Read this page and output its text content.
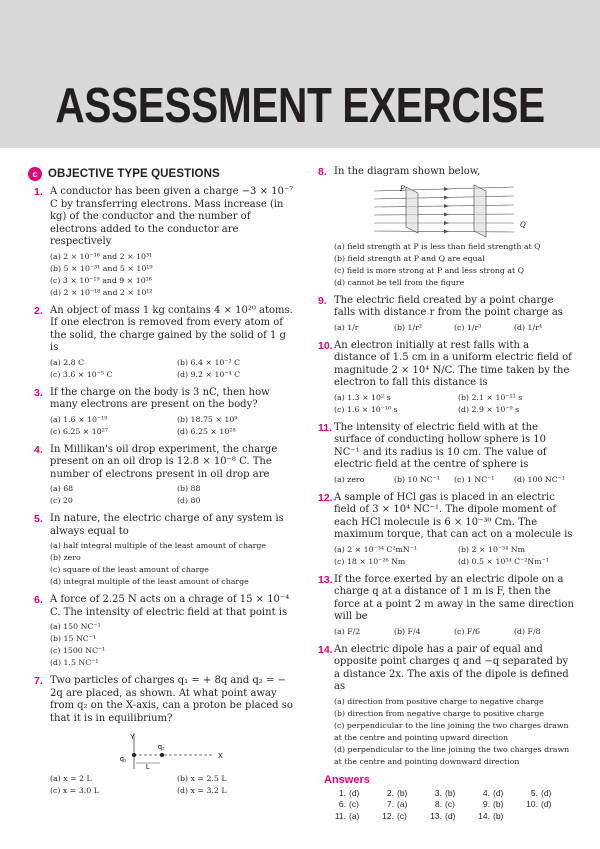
ASSESSMENT EXERCISE
c OBJECTIVE TYPE QUESTIONS
1. A conductor has been given a charge −3 × 10⁻⁷ C by transferring electrons. Mass increase (in kg) of the conductor and the number of electrons added to the conductor are respectively
(a) 2 × 10⁻¹⁶ and 2 × 10³¹
(b) 5 × 10⁻³¹ and 5 × 10¹⁹
(c) 3 × 10⁻¹⁹ and 9 × 10¹⁶
(d) 2 × 10⁻¹⁸ and 2 × 10¹²
2. An object of mass 1 kg contains 4 × 10²⁰ atoms. If one electron is removed from every atom of the solid, the charge gained by the solid of 1 g is
(a) 2.8 C	(b) 6.4 × 10⁻² C
(c) 3.6 × 10⁻⁵ C	(d) 9.2 × 10⁻⁴ C
3. If the charge on the body is 3 nC, then how many electrons are present on the body?
(a) 1.6 × 10⁻¹⁹	(b) 18.75 × 10⁹
(c) 6.25 × 10²⁷	(d) 6.25 × 10²⁸
4. In Millikan's oil drop experiment, the charge present on an oil drop is 12.8 × 10⁻⁸ C. The number of electrons present in oil drop are
(a) 68	(b) 88
(c) 20	(d) 80
5. In nature, the electric charge of any system is always equal to
(a) half integral multiple of the least amount of charge
(b) zero
(c) square of the least amount of charge
(d) integral multiple of the least amount of charge
6. A force of 2.25 N acts on a chrage of 15 × 10⁻⁴ C. The intensity of electric field at that point is
(a) 150 NC⁻¹
(b) 15 NC⁻¹
(c) 1500 NC⁻¹
(d) 1.5 NC⁻¹
7. Two particles of charges q₁ = + 8q and q₂ = − 2q are placed, as shown. At what point away from q₂ on the X-axis, can a proton be placed so that it is in equilibrium?
Y
X
q₁
q₂
L
(a) x = 2 L	(b) x = 2.5 L
(c) x = 3.0 L	(d) x = 3.2 L
8. In the diagram shown below,
P
Q
(a) field strength at P is less than field strength at Q
(b) field strength at P and Q are equal
(c) field is more strong at P and less strong at Q
(d) cannot be tell from the figure
9. The electric field created by a point charge falls with distance r from the point charge as
(a) 1/r	(b) 1/r²	(c) 1/r³	(d) 1/r⁴
10. An electron initially at rest falls with a distance of 1.5 cm in a uniform electric field of magnitude 2 × 10⁴ N/C. The time taken by the electron to fall this distance is
(a) 1.3 × 10² s	(b) 2.1 × 10⁻¹² s
(c) 1.6 × 10⁻¹⁰ s	(d) 2.9 × 10⁻⁹ s
11. The intensity of electric field with at the surface of conducting hollow sphere is 10 NC⁻¹ and its radius is 10 cm. The value of electric field at the centre of sphere is
(a) zero	(b) 10 NC⁻¹	(c) 1 NC⁻¹	(d) 100 NC⁻¹
12. A sample of HCl gas is placed in an electric field of 3 × 10⁴ NC⁻¹. The dipole moment of each HCl molecule is 6 × 10⁻³⁰ Cm. The maximum torque, that can act on a molecule is
(a) 2 × 10⁻³⁴ C²mN⁻¹	(b) 2 × 10⁻³⁴ Nm
(c) 18 × 10⁻²⁶ Nm	(d) 0.5 × 10³⁴ C⁻²Nm⁻¹
13. If the force exerted by an electric dipole on a charge q at a distance of 1 m is F, then the force at a point 2 m away in the same direction will be
(a) F/2	(b) F/4	(c) F/6	(d) F/8
14. An electric dipole has a pair of equal and opposite point charges q and −q separated by a distance 2x. The axis of the dipole is defined as
(a) direction from positive charge to negative charge
(b) direction from negative charge to positive charge
(c) perpendicular to the line joining the two charges drawn at the centre and pointing upward direction
(d) perpendicular to the line joining the two charges drawn at the centre and pointing downward direction
Answers
1. (d)	2. (b)	3. (b)	4. (d)	5. (d)
6. (c)	7. (a)	8. (c)	9. (b)	10. (d)
11. (a)	12. (c)	13. (d)	14. (b)
